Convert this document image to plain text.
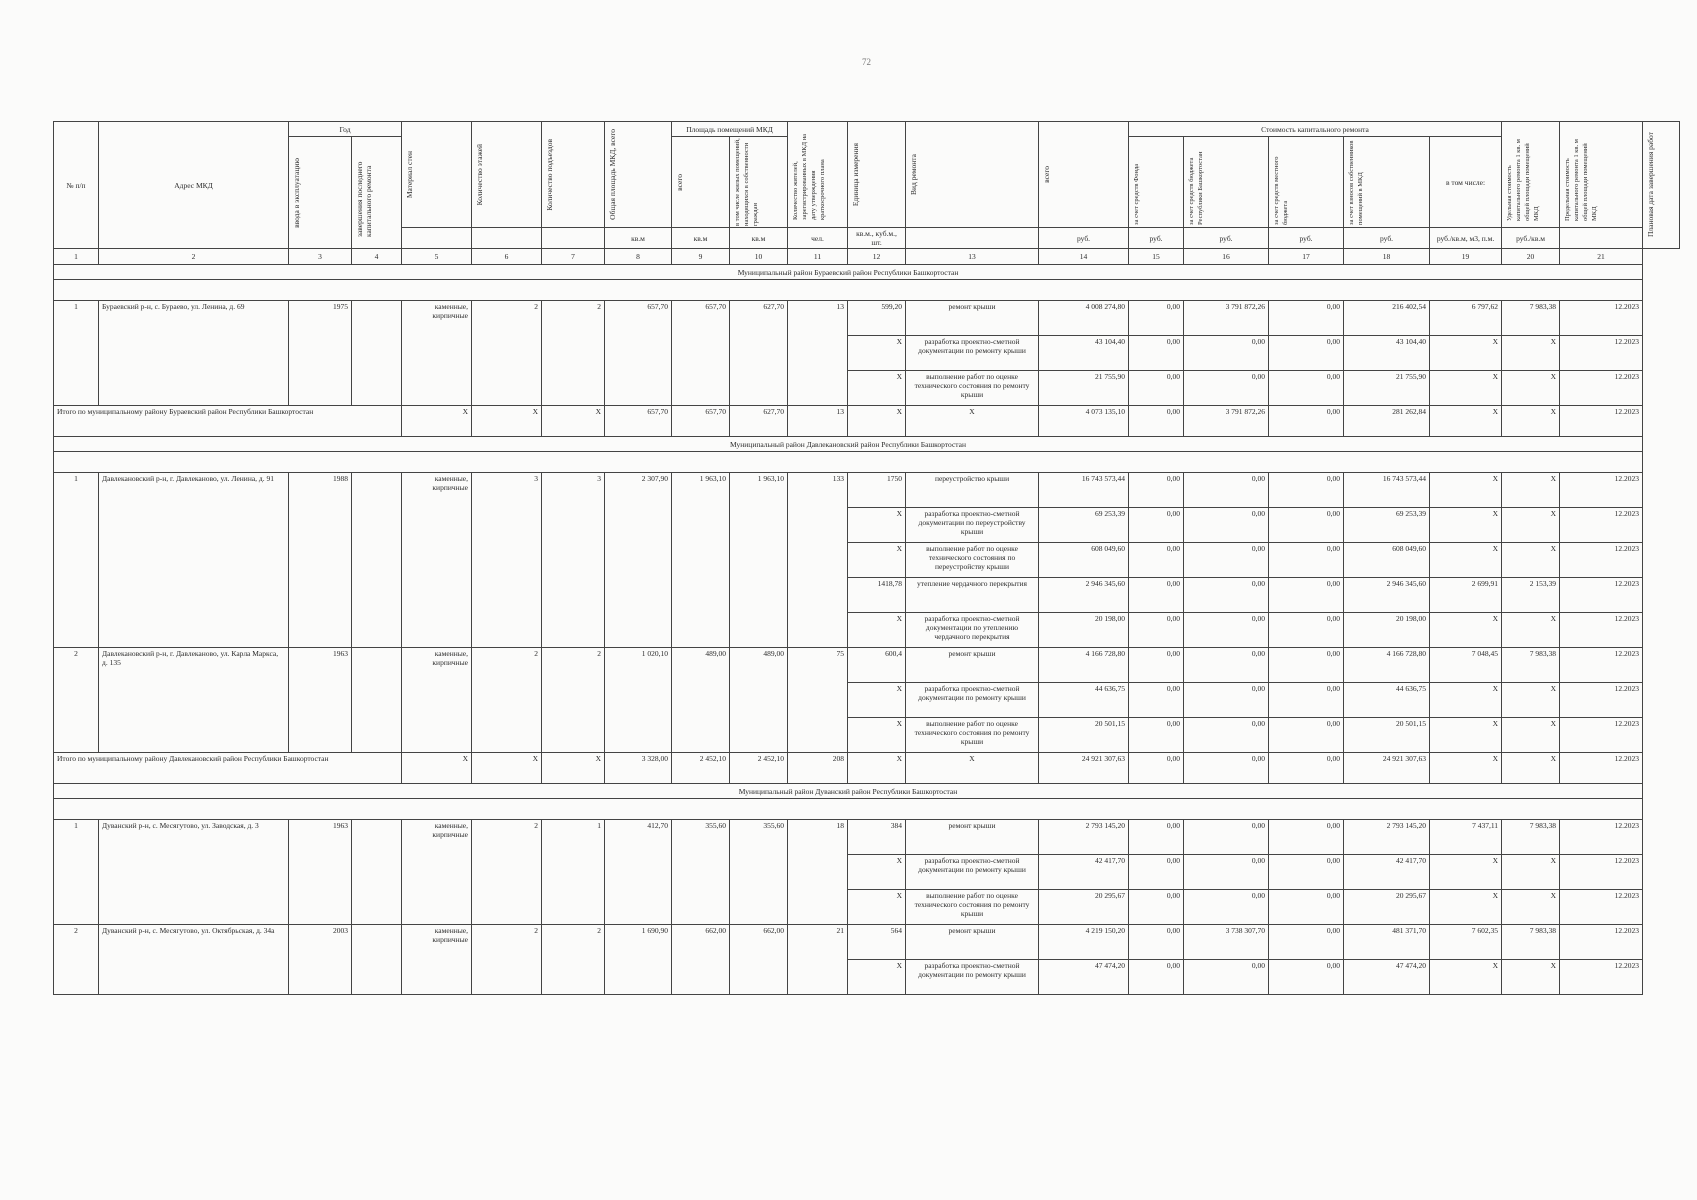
72
№ п/п	Адрес МКД	Год		Материал стен	Количество этажей	Количество подъездов	Общая площадь МКД, всего	Площадь помещений МКД		Количество жителей, зарегистрированных в МКД на дату утверждения краткосрочного плана	Единица измерения	Вид ремонта	всего	Стоимость капитального ремонта					Удельная стоимость капитального ремонта 1 кв. м общей площади помещений МКД	Предельная стоимость капитального ремонта 1 кв. м общей площади помещений МКД	Плановая дата завершения работ

		ввода в эксплуатацию	завершения последнего капитального ремонта					всего	в том числе жилых помещений, находящихся в собственности граждан					за счет средств Фонда	за счет средств бюджета Республики Башкортостан	за счет средств местного бюджета	за счет взносов собственников помещений в МКД	в том числе:			
							кв.м	кв.м	кв.м	чел.	кв.м., куб.м., шт.		руб.	руб.	руб.	руб.	руб.	руб./кв.м, м3, п.м.	руб./кв.м		
1	2	3	4	5	6	7	8	9	10	11	12	13	14	15	16	17	18	19	20	21	
Муниципальный район Бураевский район Республики Башкортостан																					

1	Бураевский р-н, с. Бураево, ул. Ленина, д. 69	1975		каменные, кирпичные	2	2	657,70	657,70	627,70	13	599,20	ремонт крыши	4 008 274,80	0,00	3 791 872,26	0,00	216 402,54	6 797,62	7 983,38	12.2023	
											X	разработка проектно-сметной документации по ремонту крыши	43 104,40	0,00	0,00	0,00	43 104,40	X	X	12.2023	
											X	выполнение работ по оценке технического состояния по ремонту крыши	21 755,90	0,00	0,00	0,00	21 755,90	X	X	12.2023	
Итого по муниципальному району Бураевский район Республики Башкортостан				X	X	X	657,70	657,70	627,70	13	X	X	4 073 135,10	0,00	3 791 872,26	0,00	281 262,84	X	X	12.2023	
Муниципальный район Давлекановский район Республики Башкортостан																					

1	Давлекановский р-н, г. Давлеканово, ул. Ленина, д. 91	1988		каменные, кирпичные	3	3	2 307,90	1 963,10	1 963,10	133	1750	переустройство крыши	16 743 573,44	0,00	0,00	0,00	16 743 573,44	X	X	12.2023	
											X	разработка проектно-сметной документации по переустройству крыши	69 253,39	0,00	0,00	0,00	69 253,39	X	X	12.2023	
											X	выполнение работ по оценке технического состояния по переустройству крыши	608 049,60	0,00	0,00	0,00	608 049,60	X	X	12.2023	
											1418,78	утепление чердачного перекрытия	2 946 345,60	0,00	0,00	0,00	2 946 345,60	2 699,91	2 153,39	12.2023	
											X	разработка проектно-сметной документации по утеплению чердачного перекрытия	20 198,00	0,00	0,00	0,00	20 198,00	X	X	12.2023	
2	Давлекановский р-н, г. Давлеканово, ул. Карла Маркса, д. 135	1963		каменные, кирпичные	2	2	1 020,10	489,00	489,00	75	600,4	ремонт крыши	4 166 728,80	0,00	0,00	0,00	4 166 728,80	7 048,45	7 983,38	12.2023	
											X	разработка проектно-сметной документации по ремонту крыши	44 636,75	0,00	0,00	0,00	44 636,75	X	X	12.2023	
											X	выполнение работ по оценке технического состояния по ремонту крыши	20 501,15	0,00	0,00	0,00	20 501,15	X	X	12.2023	
Итого по муниципальному району Давлекановский район Республики Башкортостан				X	X	X	3 328,00	2 452,10	2 452,10	208	X	X	24 921 307,63	0,00	0,00	0,00	24 921 307,63	X	X	12.2023	
Муниципальный район Дуванский район Республики Башкортостан																					

1	Дуванский р-н, с. Месягутово, ул. Заводская, д. 3	1963		каменные, кирпичные	2	1	412,70	355,60	355,60	18	384	ремонт крыши	2 793 145,20	0,00	0,00	0,00	2 793 145,20	7 437,11	7 983,38	12.2023	
											X	разработка проектно-сметной документации по ремонту крыши	42 417,70	0,00	0,00	0,00	42 417,70	X	X	12.2023	
											X	выполнение работ по оценке технического состояния по ремонту крыши	20 295,67	0,00	0,00	0,00	20 295,67	X	X	12.2023	
2	Дуванский р-н, с. Месягутово, ул. Октябрьская, д. 34а	2003		каменные, кирпичные	2	2	1 690,90	662,00	662,00	21	564	ремонт крыши	4 219 150,20	0,00	3 738 307,70	0,00	481 371,70	7 602,35	7 983,38	12.2023	
											X	разработка проектно-сметной документации по ремонту крыши	47 474,20	0,00	0,00	0,00	47 474,20	X	X	12.2023	
